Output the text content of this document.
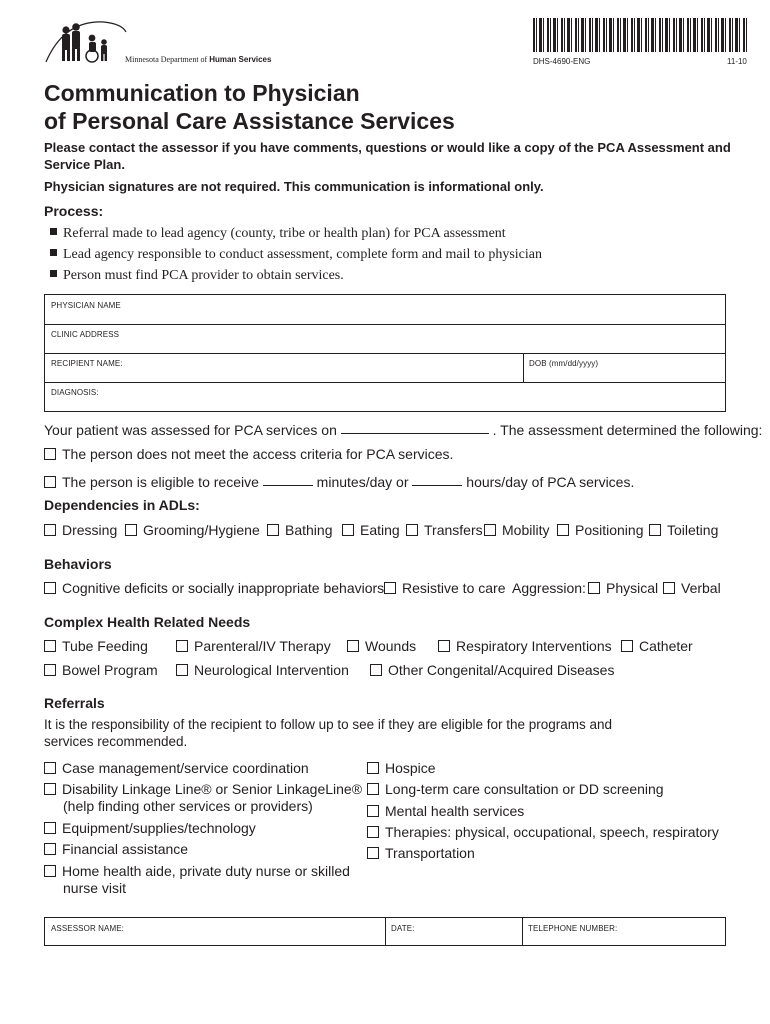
Minnesota Department of Human Services	DHS-4690-ENG	11-10
Communication to Physician
of Personal Care Assistance Services
Please contact the assessor if you have comments, questions or would like a copy of the PCA Assessment and Service Plan.
Physician signatures are not required. This communication is informational only.
Process:
Referral made to lead agency (county, tribe or health plan) for PCA assessment
Lead agency responsible to conduct assessment, complete form and mail to physician
Person must find PCA provider to obtain services.
PHYSICIAN NAME
CLINIC ADDRESS
RECIPIENT NAME:	DOB (mm/dd/yyyy)
DIAGNOSIS:
Your patient was assessed for PCA services on	. The assessment determined the following:
The person does not meet the access criteria for PCA services.
The person is eligible to receive	minutes/day or	hours/day of PCA services.
Dependencies in ADLs:
Dressing	Grooming/Hygiene	Bathing	Eating	Transfers	Mobility	Positioning	Toileting
Behaviors
Cognitive deficits or socially inappropriate behaviors	Resistive to care Aggression:	Physical	Verbal
Complex Health Related Needs
Tube Feeding	Parenteral/IV Therapy	Wounds	Respiratory Interventions	Catheter
Bowel Program	Neurological Intervention	Other Congenital/Acquired Diseases
Referrals
It is the responsibility of the recipient to follow up to see if they are eligible for the programs and services recommended.
Case management/service coordination
Disability Linkage Line® or Senior LinkageLine®
(help finding other services or providers)
Equipment/supplies/technology
Financial assistance
Home health aide, private duty nurse or skilled
nurse visit
Hospice
Long-term care consultation or DD screening
Mental health services
Therapies: physical, occupational, speech, respiratory
Transportation
ASSESSOR NAME:	DATE:	TELEPHONE NUMBER:
